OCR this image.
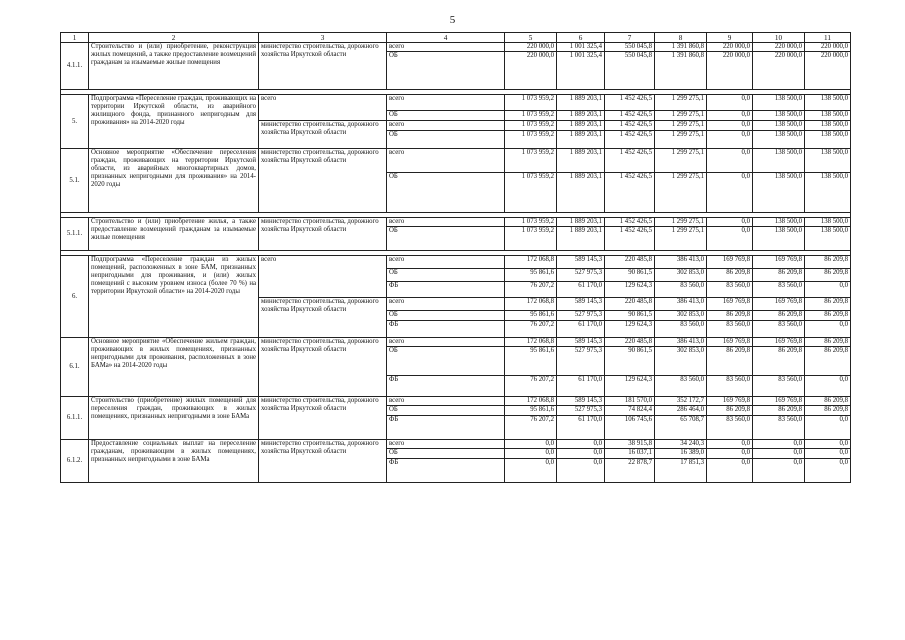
5
1	2	3	4	5	6	7	8	9	10	11
4.1.1.	Строительство и (или) приобретение, реконструкция жилых помещений, а также предоставление возмещений гражданам за изымаемые жилые помещения	министерство строительства, дорожного хозяйства Иркутской области	всего	220 000,0	1 001 325,4	550 045,8	1 391 860,8	220 000,0	220 000,0	220 000,0
			ОБ	220 000,0	1 001 325,4	550 045,8	1 391 860,8	220 000,0	220 000,0	220 000,0

5.	Подпрограмма «Переселение граждан, проживающих на территории Иркутской области, из аварийного жилищного фонда, признанного непригодным для проживания» на 2014-2020 годы	всего	всего	1 073 959,2	1 889 203,1	1 452 426,5	1 299 275,1	0,0	138 500,0	138 500,0
			ОБ	1 073 959,2	1 889 203,1	1 452 426,5	1 299 275,1	0,0	138 500,0	138 500,0
		министерство строительства, дорожного хозяйства Иркутской области	всего	1 073 959,2	1 889 203,1	1 452 426,5	1 299 275,1	0,0	138 500,0	138 500,0
			ОБ	1 073 959,2	1 889 203,1	1 452 426,5	1 299 275,1	0,0	138 500,0	138 500,0
5.1.	Основное мероприятие «Обеспечение переселения граждан, проживающих на территории Иркутской области, из аварийных многоквартирных домов, признанных непригодными для проживания» на 2014-2020 годы	министерство строительства, дорожного хозяйства Иркутской области	всего	1 073 959,2	1 889 203,1	1 452 426,5	1 299 275,1	0,0	138 500,0	138 500,0
			ОБ	1 073 959,2	1 889 203,1	1 452 426,5	1 299 275,1	0,0	138 500,0	138 500,0

5.1.1.	Строительство и (или) приобретение жилья, а также предоставление возмещений гражданам за изымаемые жилые помещения	министерство строительства, дорожного хозяйства Иркутской области	всего	1 073 959,2	1 889 203,1	1 452 426,5	1 299 275,1	0,0	138 500,0	138 500,0
			ОБ	1 073 959,2	1 889 203,1	1 452 426,5	1 299 275,1	0,0	138 500,0	138 500,0

6.	Подпрограмма «Переселение граждан из жилых помещений, расположенных в зоне БАМ, признанных непригодными для проживания, и (или) жилых помещений с высоким уровнем износа (более 70 %) на территории Иркутской области» на 2014-2020 годы	всего	всего	172 068,8	589 145,3	220 485,8	386 413,0	169 769,8	169 769,8	86 209,8
			ОБ	95 861,6	527 975,3	90 861,5	302 853,0	86 209,8	86 209,8	86 209,8
			ФБ	76 207,2	61 170,0	129 624,3	83 560,0	83 560,0	83 560,0	0,0
		министерство строительства, дорожного хозяйства Иркутской области	всего	172 068,8	589 145,3	220 485,8	386 413,0	169 769,8	169 769,8	86 209,8
			ОБ	95 861,6	527 975,3	90 861,5	302 853,0	86 209,8	86 209,8	86 209,8
			ФБ	76 207,2	61 170,0	129 624,3	83 560,0	83 560,0	83 560,0	0,0
6.1.	Основное мероприятие «Обеспечение жильем граждан, проживающих в жилых помещениях, признанных непригодными для проживания, расположенных в зоне БАМа» на 2014-2020 годы	министерство строительства, дорожного хозяйства Иркутской области	всего	172 068,8	589 145,3	220 485,8	386 413,0	169 769,8	169 769,8	86 209,8
			ОБ	95 861,6	527 975,3	90 861,5	302 853,0	86 209,8	86 209,8	86 209,8
			ФБ	76 207,2	61 170,0	129 624,3	83 560,0	83 560,0	83 560,0	0,0
6.1.1.	Строительство (приобретение) жилых помещений для переселения граждан, проживающих в жилых помещениях, признанных непригодными в зоне БАМа	министерство строительства, дорожного хозяйства Иркутской области	всего	172 068,8	589 145,3	181 570,0	352 172,7	169 769,8	169 769,8	86 209,8
			ОБ	95 861,6	527 975,3	74 824,4	286 464,0	86 209,8	86 209,8	86 209,8
			ФБ	76 207,2	61 170,0	106 745,6	65 708,7	83 560,0	83 560,0	0,0
6.1.2.	Предоставление социальных выплат на переселение гражданам, проживающим в жилых помещениях, признанных непригодными в зоне БАМа	министерство строительства, дорожного хозяйства Иркутской области	всего	0,0	0,0	38 915,8	34 240,3	0,0	0,0	0,0
			ОБ	0,0	0,0	16 037,1	16 389,0	0,0	0,0	0,0
			ФБ	0,0	0,0	22 878,7	17 851,3	0,0	0,0	0,0
